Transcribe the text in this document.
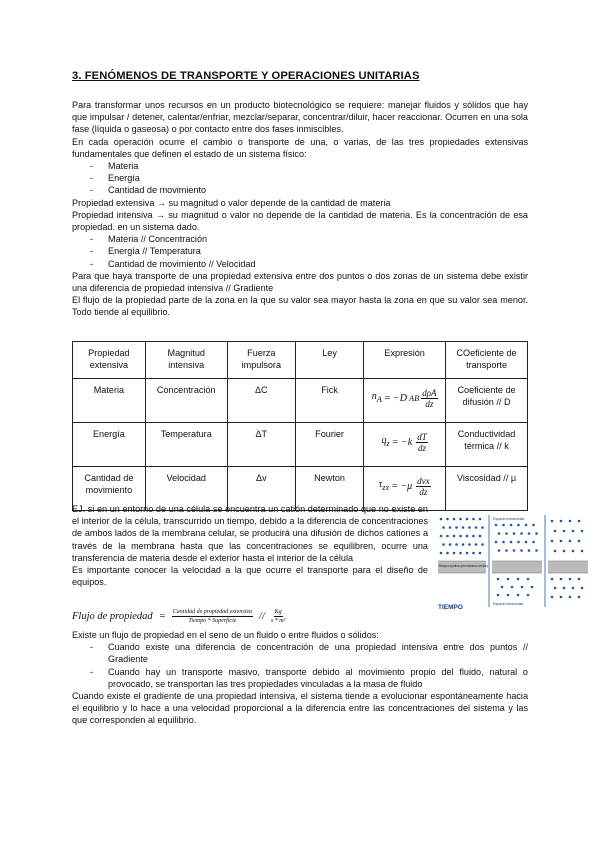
3. FENÓMENOS DE TRANSPORTE Y OPERACIONES UNITARIAS

Para transformar unos recursos en un producto biotecnológico se requiere: manejar fluidos y sólidos que hay que impulsar / detener, calentar/enfriar, mezclar/separar, concentrar/diluir, hacer reaccionar. Ocurren en una sola fase (líquida o gaseosa) o por contacto entre dos fases inmiscibles.

En cada operación ocurre el cambio o transporte de una, o varias, de las tres propiedades extensivas fundamentales que definen el estado de un sistema físico:

- Materia
- Energía
- Cantidad de movimiento

Propiedad extensiva → su magnitud o valor depende de la cantidad de materia

Propiedad intensiva → su magnitud o valor no depende de la cantidad de materia. Es la concentración de esa propiedad. en un sistema dado.

- Materia // Concentración
- Energía // Temperatura
- Cantidad de movimiento // Velocidad

Para que haya transporte de una propiedad extensiva entre dos puntos o dos zonas de un sistema debe existir una diferencia de propiedad intensiva // Gradiente

El flujo de la propiedad parte de la zona en la que su valor sea mayor hasta la zona en que su valor sea menor. Todo tiende al equilibrio.

Propiedad extensiva	Magnitud intensiva	Fuerza impulsora	Ley	Expresión	COeficiente de transporte
Materia	Concentración	ΔC	Fick	$n_A = -D$ AB $\frac{\text{dρA}}{dz}$	Coeficiente de difusión // D
Energía	Temperatura	ΔT	Fourier	$q_z = -k \frac{dT}{dz}$	Conductividad térmica // k
Cantidad de movimiento	Velocidad	Δv	Newton	$\tau_{zx} = -\mu \frac{\text{dvx}}{dz}$	Viscosidad // μ

EJ. si en un entorno de una célula se encuentra un catión determinado que no existe en el interior de la célula, transcurrido un tiempo, debido a la diferencia de concentraciones de ambos lados de la membrana celular, se producirá una difusión de dichos cationes a través de la membrana hasta que las concentraciones se equilibren, ocurre una transferencia de materia desde el exterior hasta el interior de la célula

Es importante conocer la velocidad a la que ocurre el transporte para el diseño de equipos.

Flujo de propiedad = $\frac{\text{Cantidad de propiedad extensiva}}{\text{Tiempo * Superficie}} // \frac{Kg}{\text{s * m²}}$

Existe un flujo de propiedad en el seno de un fluido o entre fluidos o sólidos:

- Cuando existe una diferencia de concentración de una propiedad intensiva entre dos puntos // Gradiente
- Cuando hay un transporte masivo, transporte debido al movimiento propio del fluido, natural o provocado, se transportan las tres propiedades vinculadas a la masa de fluido

Cuando existe el gradiente de una propiedad intensiva, el sistema tiende a evolucionar espontáneamente hacia el equilibrio y lo hace a una velocidad proporcional a la diferencia entre las concentraciones del sistema y las que corresponden al equilibrio.

Espacio extracelular
Espacio intracelular
Bicapa lipídica (membrana celular)
TIEMPO
